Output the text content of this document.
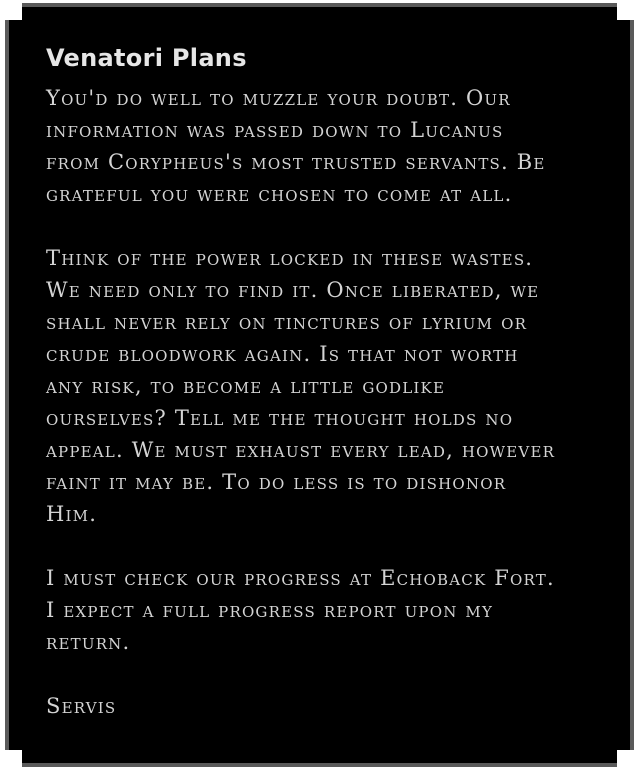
Venatori Plans
You'd do well to muzzle your doubt. Our
information was passed down to Lucanus
from Corypheus's most trusted servants. Be
grateful you were chosen to come at all.
Think of the power locked in these wastes.
We need only to find it. Once liberated, we
shall never rely on tinctures of lyrium or
crude bloodwork again. Is that not worth
any risk, to become a little godlike
ourselves? Tell me the thought holds no
appeal. We must exhaust every lead, however
faint it may be. To do less is to dishonor
Him.
I must check our progress at Echoback Fort.
I expect a full progress report upon my
return.
Servis
